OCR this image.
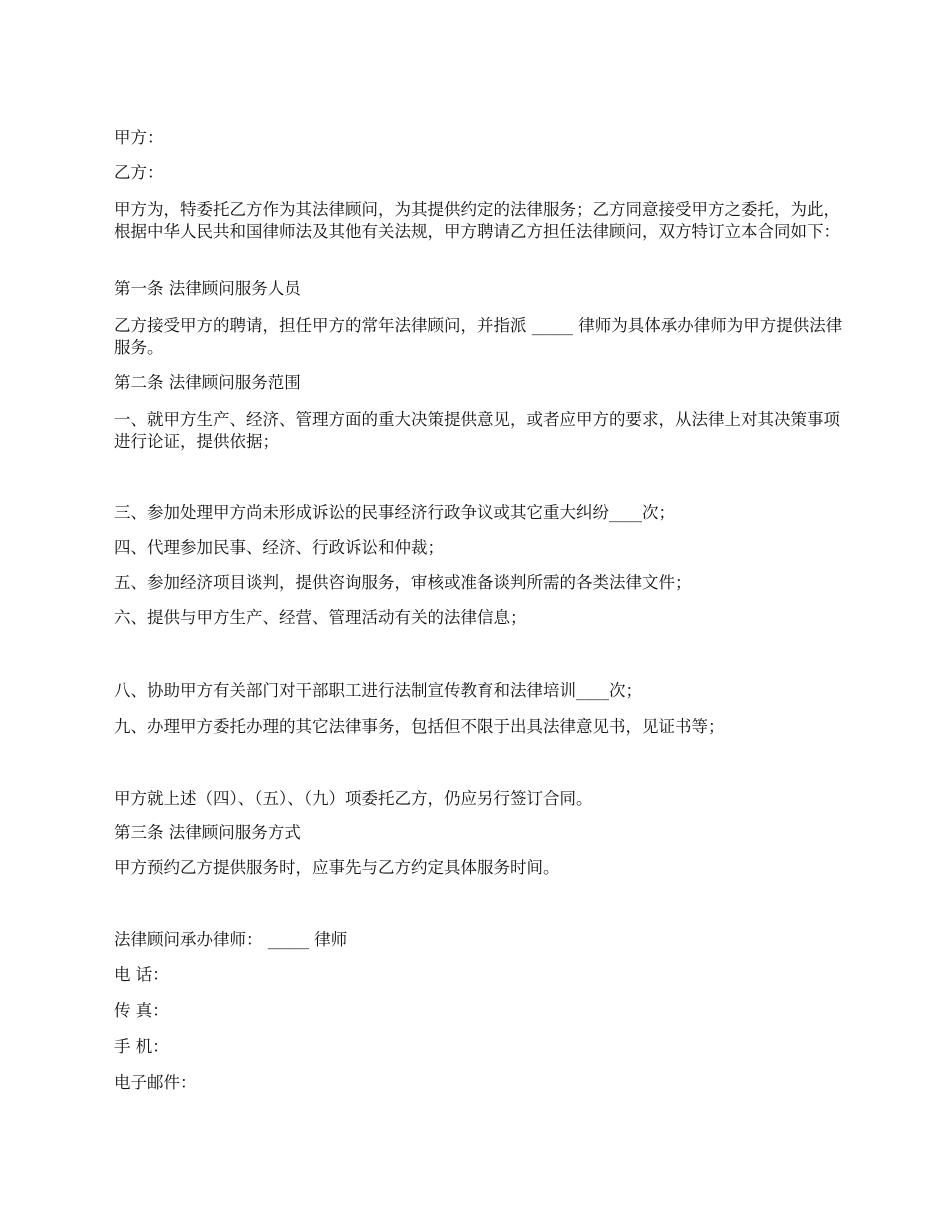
甲方：
乙方：
甲方为，特委托乙方作为其法律顾问，为其提供约定的法律服务；乙方同意接受甲方之委托，为此，根据中华人民共和国律师法及其他有关法规，甲方聘请乙方担任法律顾问，双方特订立本合同如下：
第一条 法律顾问服务人员
乙方接受甲方的聘请，担任甲方的常年法律顾问，并指派 _____ 律师为具体承办律师为甲方提供法律服务。
第二条 法律顾问服务范围
一、就甲方生产、经济、管理方面的重大决策提供意见，或者应甲方的要求，从法律上对其决策事项进行论证，提供依据；
三、参加处理甲方尚未形成诉讼的民事经济行政争议或其它重大纠纷____次；
四、代理参加民事、经济、行政诉讼和仲裁；
五、参加经济项目谈判，提供咨询服务，审核或准备谈判所需的各类法律文件；
六、提供与甲方生产、经营、管理活动有关的法律信息；
八、协助甲方有关部门对干部职工进行法制宣传教育和法律培训____次；
九、办理甲方委托办理的其它法律事务，包括但不限于出具法律意见书，见证书等；
甲方就上述（四）、（五）、（九）项委托乙方，仍应另行签订合同。
第三条 法律顾问服务方式
甲方预约乙方提供服务时，应事先与乙方约定具体服务时间。
法律顾问承办律师： _____ 律师
电 话：
传 真：
手 机：
电子邮件：
